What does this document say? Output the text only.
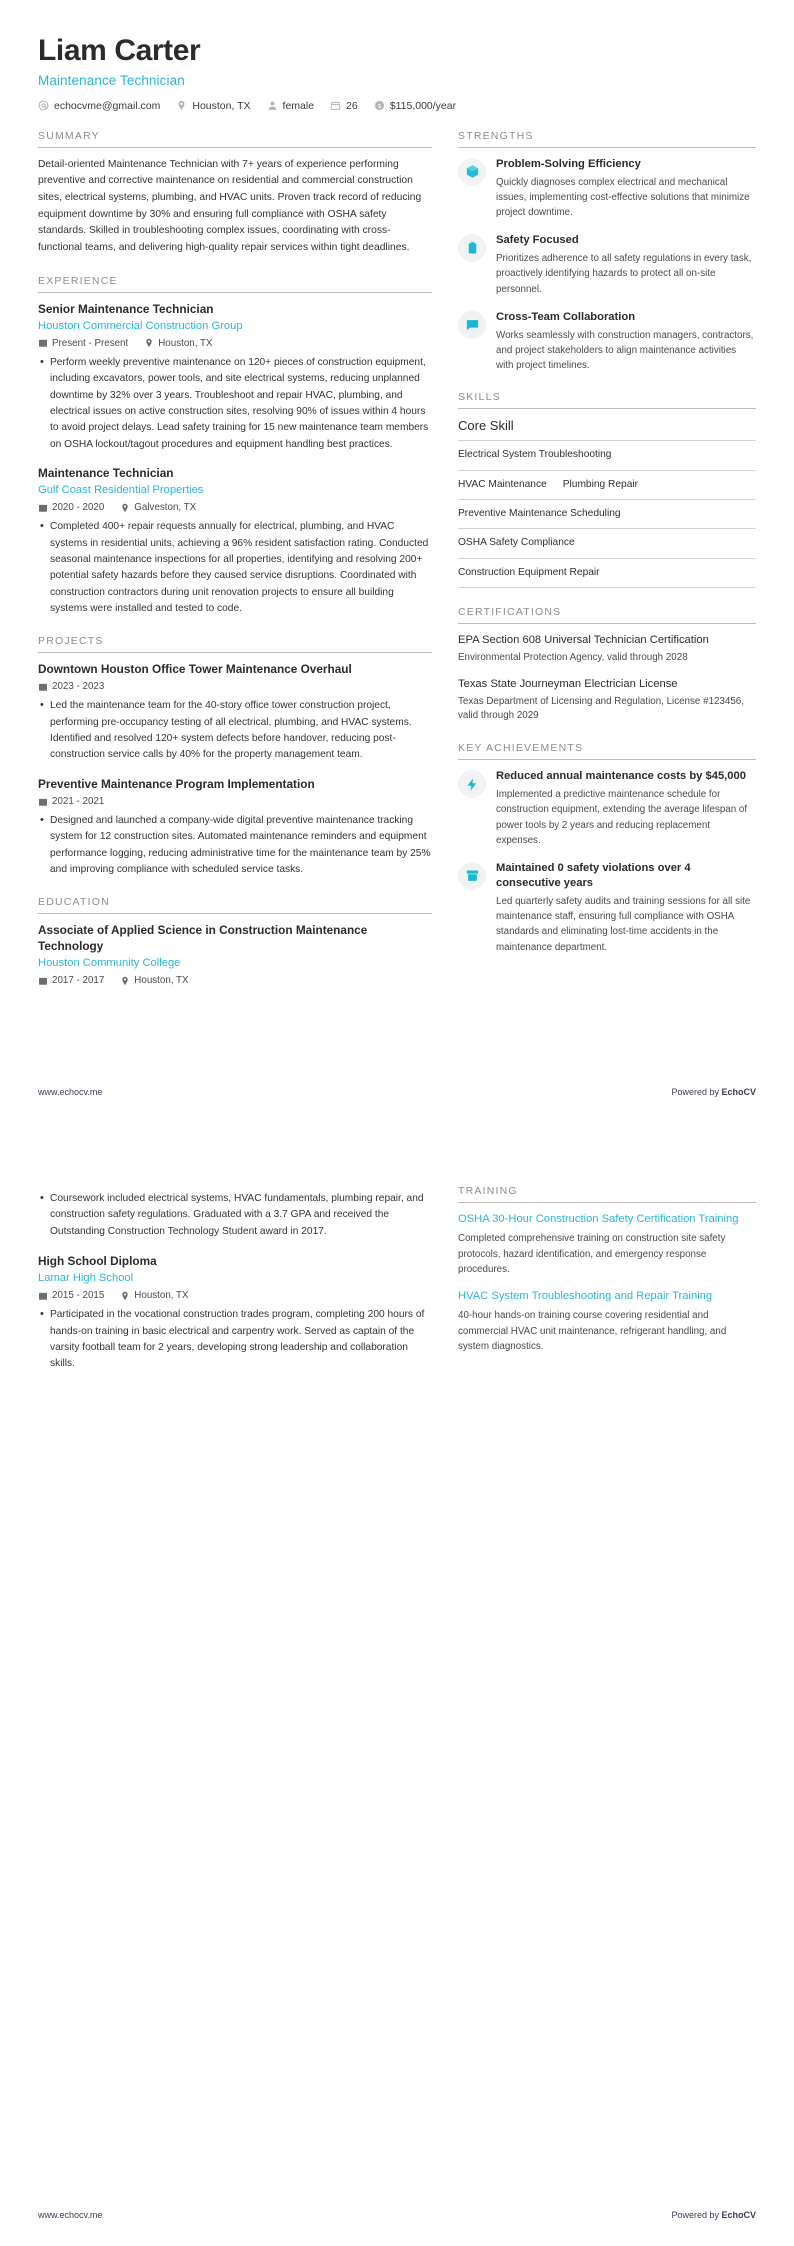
Liam Carter
Maintenance Technician
echocvme@gmail.com	Houston, TX	female	26 $ $115,000/year
SUMMARY
Detail-oriented Maintenance Technician with 7+ years of experience performing preventive and corrective maintenance on residential and commercial construction sites, electrical systems, plumbing, and HVAC units. Proven track record of reducing equipment downtime by 30% and ensuring full compliance with OSHA safety standards. Skilled in troubleshooting complex issues, coordinating with cross-functional teams, and delivering high-quality repair services within tight deadlines.
EXPERIENCE
Senior Maintenance Technician
Houston Commercial Construction Group
Present - Present	Houston, TX
• Perform weekly preventive maintenance on 120+ pieces of construction equipment, including excavators, power tools, and site electrical systems, reducing unplanned downtime by 32% over 3 years. Troubleshoot and repair HVAC, plumbing, and electrical issues on active construction sites, resolving 90% of issues within 4 hours to avoid project delays. Lead safety training for 15 new maintenance team members on OSHA lockout/tagout procedures and equipment handling best practices.
Maintenance Technician
Gulf Coast Residential Properties
2020 - 2020	Galveston, TX
• Completed 400+ repair requests annually for electrical, plumbing, and HVAC systems in residential units, achieving a 96% resident satisfaction rating. Conducted seasonal maintenance inspections for all properties, identifying and resolving 200+ potential safety hazards before they caused service disruptions. Coordinated with construction contractors during unit renovation projects to ensure all building systems were installed and tested to code.
PROJECTS
Downtown Houston Office Tower Maintenance Overhaul
2023 - 2023
• Led the maintenance team for the 40-story office tower construction project, performing pre-occupancy testing of all electrical, plumbing, and HVAC systems. Identified and resolved 120+ system defects before handover, reducing post-construction service calls by 40% for the property management team.
Preventive Maintenance Program Implementation
2021 - 2021
• Designed and launched a company-wide digital preventive maintenance tracking system for 12 construction sites. Automated maintenance reminders and equipment performance logging, reducing administrative time for the maintenance team by 25% and improving compliance with scheduled service tasks.
EDUCATION
Associate of Applied Science in Construction Maintenance Technology
Houston Community College
2017 - 2017	Houston, TX
STRENGTHS
Problem-Solving Efficiency
Quickly diagnoses complex electrical and mechanical issues, implementing cost-effective solutions that minimize project downtime.
Safety Focused
Prioritizes adherence to all safety regulations in every task, proactively identifying hazards to protect all on-site personnel.
Cross-Team Collaboration
Works seamlessly with construction managers, contractors, and project stakeholders to align maintenance activities with project timelines.
SKILLS
Core Skill
Electrical System Troubleshooting
HVAC Maintenance Plumbing Repair
Preventive Maintenance Scheduling
OSHA Safety Compliance
Construction Equipment Repair
CERTIFICATIONS
EPA Section 608 Universal Technician Certification
Environmental Protection Agency, valid through 2028
Texas State Journeyman Electrician License
Texas Department of Licensing and Regulation, License #123456, valid through 2029
KEY ACHIEVEMENTS
Reduced annual maintenance costs by $45,000
Implemented a predictive maintenance schedule for construction equipment, extending the average lifespan of power tools by 2 years and reducing replacement expenses.
Maintained 0 safety violations over 4 consecutive years
Led quarterly safety audits and training sessions for all site maintenance staff, ensuring full compliance with OSHA standards and eliminating lost-time accidents in the maintenance department.
www.echocv.me	Powered by EchoCV
• Coursework included electrical systems, HVAC fundamentals, plumbing repair, and construction safety regulations. Graduated with a 3.7 GPA and received the Outstanding Construction Technology Student award in 2017.
High School Diploma
Lamar High School
2015 - 2015	Houston, TX
• Participated in the vocational construction trades program, completing 200 hours of hands-on training in basic electrical and carpentry work. Served as captain of the varsity football team for 2 years, developing strong leadership and collaboration skills.
TRAINING
OSHA 30-Hour Construction Safety Certification Training
Completed comprehensive training on construction site safety protocols, hazard identification, and emergency response procedures.
HVAC System Troubleshooting and Repair Training
40-hour hands-on training course covering residential and commercial HVAC unit maintenance, refrigerant handling, and system diagnostics.
www.echocv.me	Powered by EchoCV
